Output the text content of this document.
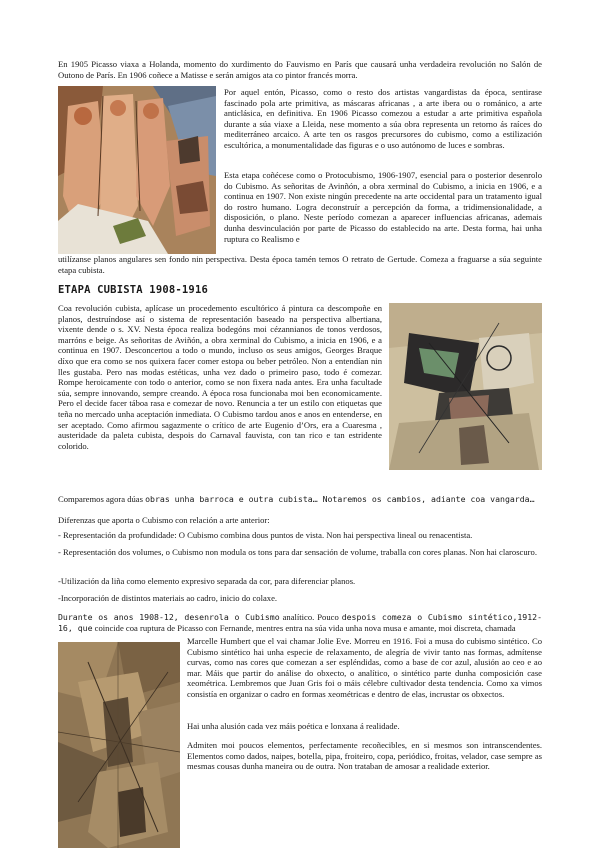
En 1905 Picasso viaxa a Holanda, momento do xurdimento do Fauvismo en París que causará unha verdadeira revolución no Salón de Outono de París. En 1906 coñece a Matisse e serán amigos ata co pintor francés morra.

Por aquel entón, Picasso, como o resto dos artistas vangardistas da época, sentirase fascinado pola arte primitiva, as máscaras africanas , a arte ibera ou o románico, a arte anticlásica, en definitiva. En 1906 Picasso comezou a estudar a arte primitiva española durante a súa viaxe a Lleida, nese momento a súa obra representa un retorno ás raíces do mediterráneo arcaico. A arte ten os rasgos precursores do cubismo, como a estilización escultórica, a monumentalidade das figuras e o uso autónomo de luces e sombras.

Esta etapa coñécese como o Protocubismo, 1906-1907, esencial para o posterior desenrolo do Cubismo. As señoritas de Avinñón, a obra xerminal do Cubismo, a inicia en 1906, e a continua en 1907. Non existe ningún precedente na arte occidental para un tratamento igual do rostro humano. Logra deconstruír a percepción da forma, a tridimensionalidade, a disposición, o plano. Neste período comezan a aparecer influencias africanas, ademais dunha desvinculación por parte de Picasso do establecido na arte. Desta forma, hai unha ruptura co Realismo e

utilízanse planos angulares sen fondo nin perspectiva. Desta época tamén temos O retrato de Gertude. Comeza a fraguarse a súa seguinte etapa cubista.

ETAPA CUBISTA 1908-1916

Coa revolución cubista, aplícase un procedemento escultórico á pintura ca descompoñe en planos, destruíndose así o sistema de representación baseado na perspectiva albertiana, vixente dende o s. XV. Nesta época realiza bodegóns moi cézannianos de tonos verdosos, marróns e beige. As señoritas de Aviñón, a obra xerminal do Cubismo, a inicia en 1906, e a continua en 1907. Desconcertou a todo o mundo, incluso os seus amigos, Georges Braque díxo que era como se nos quixera facer comer estopa ou beber petróleo. Non a entendían nin lles gustaba. Pero nas modas estéticas, unha vez dado o primeiro paso, todo é comezar. Rompe heroicamente con todo o anterior, como se non fixera nada antes. Era unha facultade súa, sempre innovando, sempre creando. A época rosa funcionaba moi ben economicamente. Pero el decide facer táboa rasa e comezar de novo. Renuncia a ter un estilo con etiquetas que teña no mercado unha aceptación inmediata. O Cubismo tardou anos e anos en entenderse, en ser aceptado. Como afirmou sagazmente o crítico de arte Eugenio d’Ors, era a Cuaresma , austeridade da paleta cubista, despois do Carnaval fauvista, con tan rico e tan estridente colorido.

Comparemos agora dúas obras unha barroca e outra cubista… Notaremos os cambios, adiante coa vangarda…

Diferenzas que aporta o Cubismo con relación a arte anterior:

- Representación da profundidade: O Cubismo combina dous puntos de vista. Non hai perspectiva lineal ou renacentista.

- Representación dos volumes, o Cubismo non modula os tons para dar sensación de volume, traballa con cores planas. Non hai claroscuro.

-Utilización da liña como elemento expresivo separada da cor, para diferenciar planos.

-Incorporación de distintos materiais ao cadro, inicio do colaxe.

Durante os anos 1908-12, desenrola o Cubismo analítico. Pouco despois comeza o Cubismo sintético,1912-16, que coincide coa ruptura de Picasso con Fernande, mentres entra na súa vida unha nova musa e amante, moi discreta, chamada

Marcelle Humbert que el vai chamar Jolie Eve. Morreu en 1916. Foi a musa do cubismo sintético. Co Cubismo sintético hai unha especie de relaxamento, de alegría de vivir tanto nas formas, admítense curvas, como nas cores que comezan a ser espléndidas, como a base de cor azul, alusión ao ceo e ao mar. Máis que partir do análise do obxecto, o analítico, o sintético parte dunha composición case xeométrica. Lembremos que Juan Gris foi o máis célebre cultivador desta tendencia. Como xa vimos consistía en organizar o cadro en formas xeométricas e dentro de elas, incrustar os obxectos.

Hai unha alusión cada vez máis poética e lonxana á realidade.

Admiten moi poucos elementos, perfectamente recoñecibles, en si mesmos son intranscendentes. Elementos como dados, naipes, botella, pipa, froiteiro, copa, periódico, froitas, velador, case sempre as mesmas cousas dunha maneira ou de outra. Non trataban de amosar a realidade exterior.
